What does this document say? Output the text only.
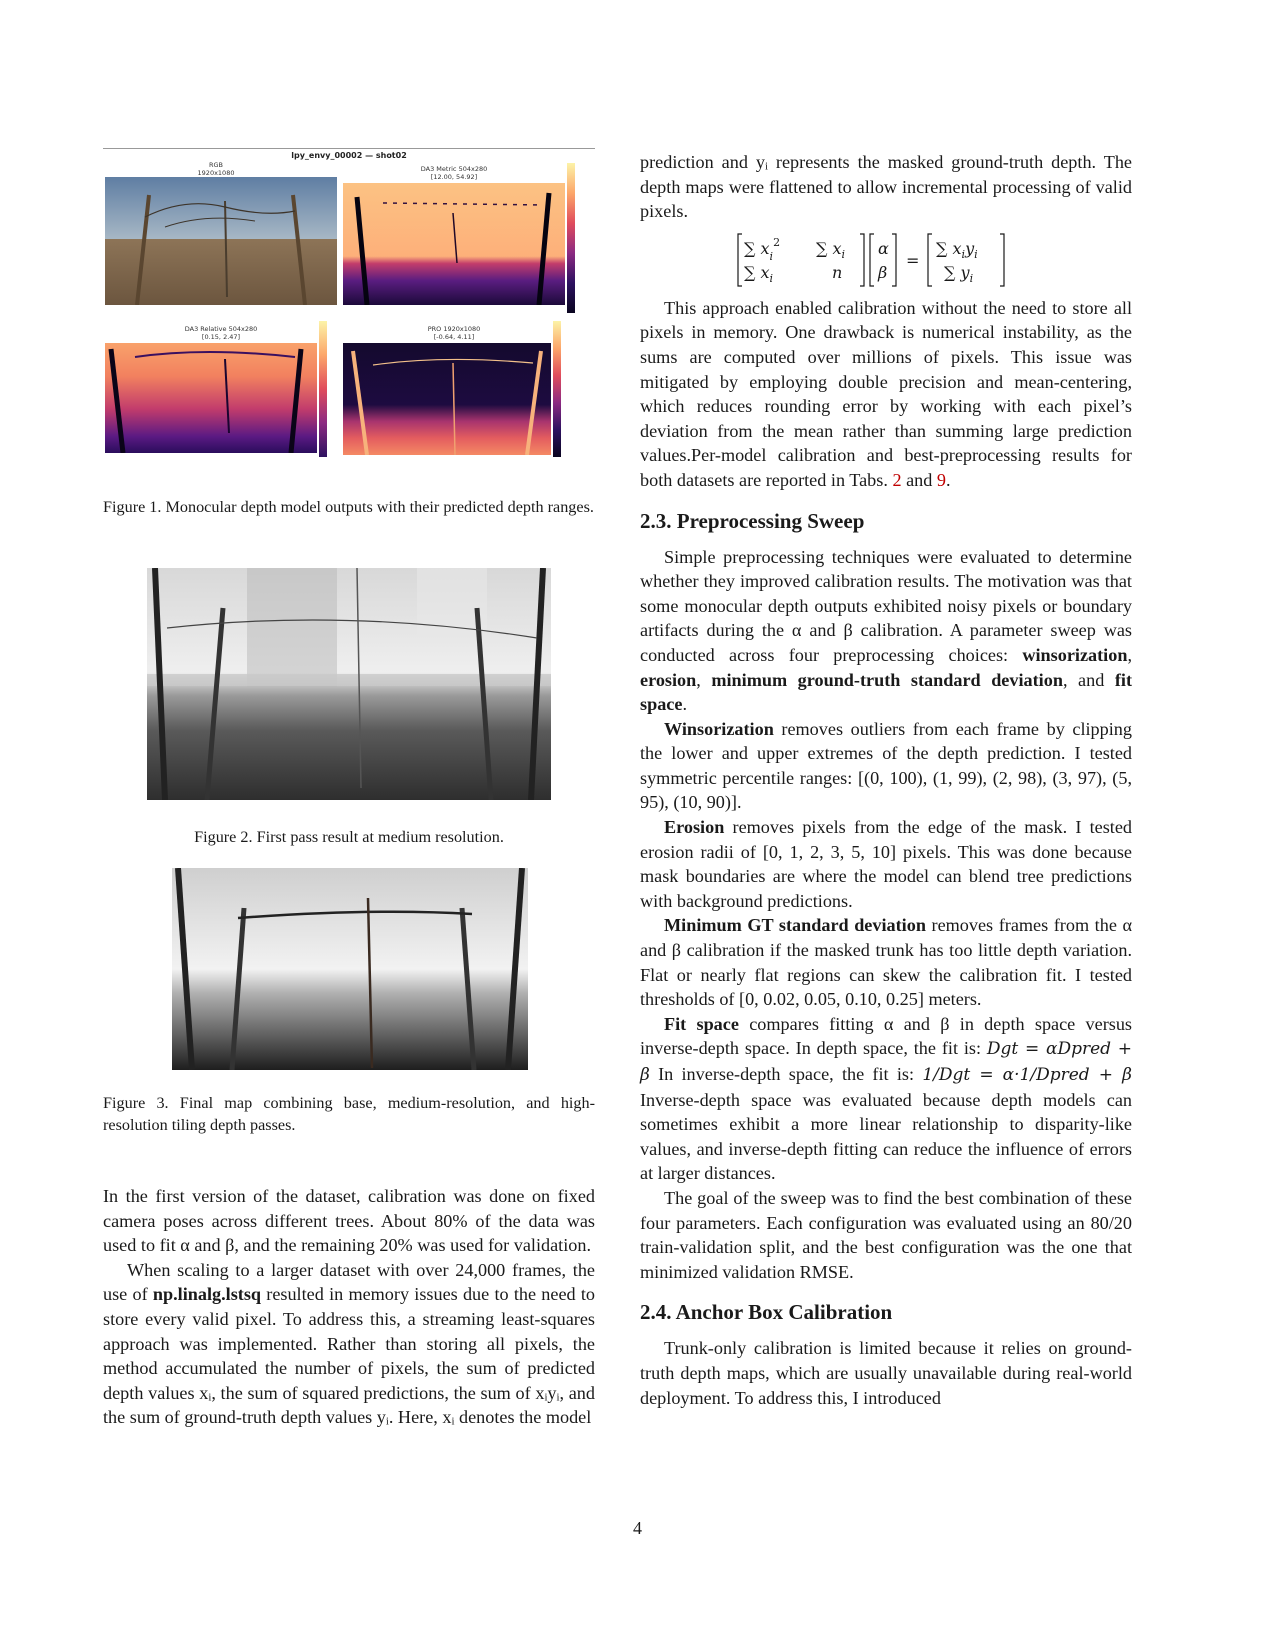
lpy_envy_00002 — shot02
RGB
1920x1080	DA3 Metric 504x280
[12.00, 54.92]
DA3 Relative 504x280
[0.15, 2.47]
PRO 1920x1080
[-0.64, 4.11]

Figure 1. Monocular depth model outputs with their predicted depth ranges.

Figure 2. First pass result at medium resolution.

Figure 3. Final map combining base, medium-resolution, and high-resolution tiling depth passes.

In the first version of the dataset, calibration was done on fixed camera poses across different trees. About 80% of the data was used to fit α and β, and the remaining 20% was used for validation.

When scaling to a larger dataset with over 24,000 frames, the use of np.linalg.lstsq resulted in memory issues due to the need to store every valid pixel. To address this, a streaming least-squares approach was implemented. Rather than storing all pixels, the method accumulated the number of pixels, the sum of predicted depth values xᵢ, the sum of squared predictions, the sum of xᵢyᵢ, and the sum of ground-truth depth values yᵢ. Here, xᵢ denotes the model

prediction and yᵢ represents the masked ground-truth depth. The depth maps were flattened to allow incremental processing of valid pixels.

∑ $x_i^2$
∑ $x_i$
∑ $x_i$
n
α
β
=
∑ $x_iy_i$
∑ $y_i$

This approach enabled calibration without the need to store all pixels in memory. One drawback is numerical instability, as the sums are computed over millions of pixels. This issue was mitigated by employing double precision and mean-centering, which reduces rounding error by working with each pixel’s deviation from the mean rather than summing large prediction values.Per-model calibration and best-preprocessing results for both datasets are reported in Tabs. 2 and 9.

2.3. Preprocessing Sweep

Simple preprocessing techniques were evaluated to determine whether they improved calibration results. The motivation was that some monocular depth outputs exhibited noisy pixels or boundary artifacts during the α and β calibration. A parameter sweep was conducted across four preprocessing choices: winsorization, erosion, minimum ground-truth standard deviation, and fit space.

Winsorization removes outliers from each frame by clipping the lower and upper extremes of the depth prediction. I tested symmetric percentile ranges: [(0, 100), (1, 99), (2, 98), (3, 97), (5, 95), (10, 90)].

Erosion removes pixels from the edge of the mask. I tested erosion radii of [0, 1, 2, 3, 5, 10] pixels. This was done because mask boundaries are where the model can blend tree predictions with background predictions.

Minimum GT standard deviation removes frames from the α and β calibration if the masked trunk has too little depth variation. Flat or nearly flat regions can skew the calibration fit. I tested thresholds of [0, 0.02, 0.05, 0.10, 0.25] meters.

Fit space compares fitting α and β in depth space versus inverse-depth space. In depth space, the fit is: Dgt = αDpred + β In inverse-depth space, the fit is: 1/Dgt = α·1/Dpred + β Inverse-depth space was evaluated because depth models can sometimes exhibit a more linear relationship to disparity-like values, and inverse-depth fitting can reduce the influence of errors at larger distances.

The goal of the sweep was to find the best combination of these four parameters. Each configuration was evaluated using an 80/20 train-validation split, and the best configuration was the one that minimized validation RMSE.

2.4. Anchor Box Calibration

Trunk-only calibration is limited because it relies on ground-truth depth maps, which are usually unavailable during real-world deployment. To address this, I introduced

4
